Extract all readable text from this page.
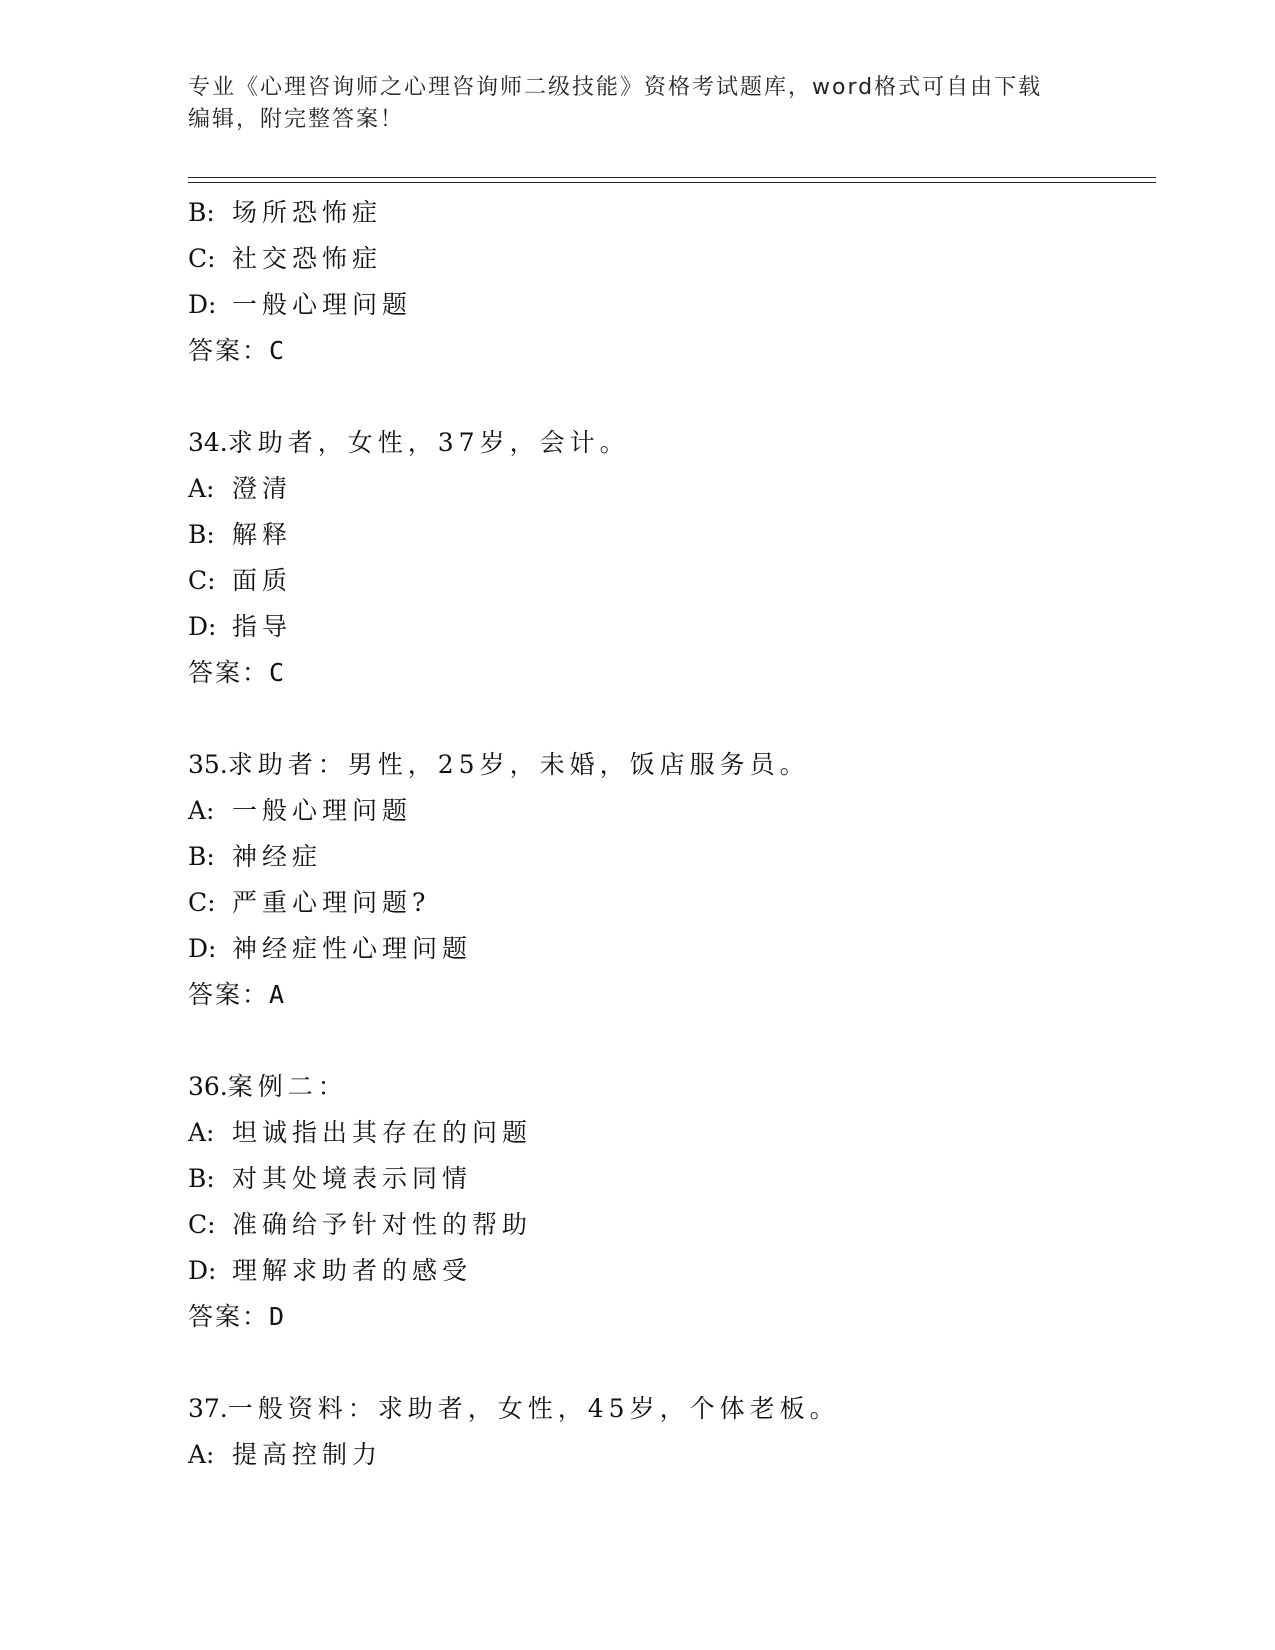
专业《心理咨询师之心理咨询师二级技能》资格考试题库，word格式可自由下载
编辑，附完整答案！
B: 场所恐怖症
C: 社交恐怖症
D: 一般心理问题
答案：C
34.求助者，女性，37岁，会计。
A: 澄清
B: 解释
C: 面质
D: 指导
答案：C
35.求助者：男性，25岁，未婚，饭店服务员。
A: 一般心理问题
B: 神经症
C: 严重心理问题?
D: 神经症性心理问题
答案：A
36.案例二：
A: 坦诚指出其存在的问题
B: 对其处境表示同情
C: 准确给予针对性的帮助
D: 理解求助者的感受
答案：D
37.一般资料：求助者，女性，45岁，个体老板。
A: 提高控制力
